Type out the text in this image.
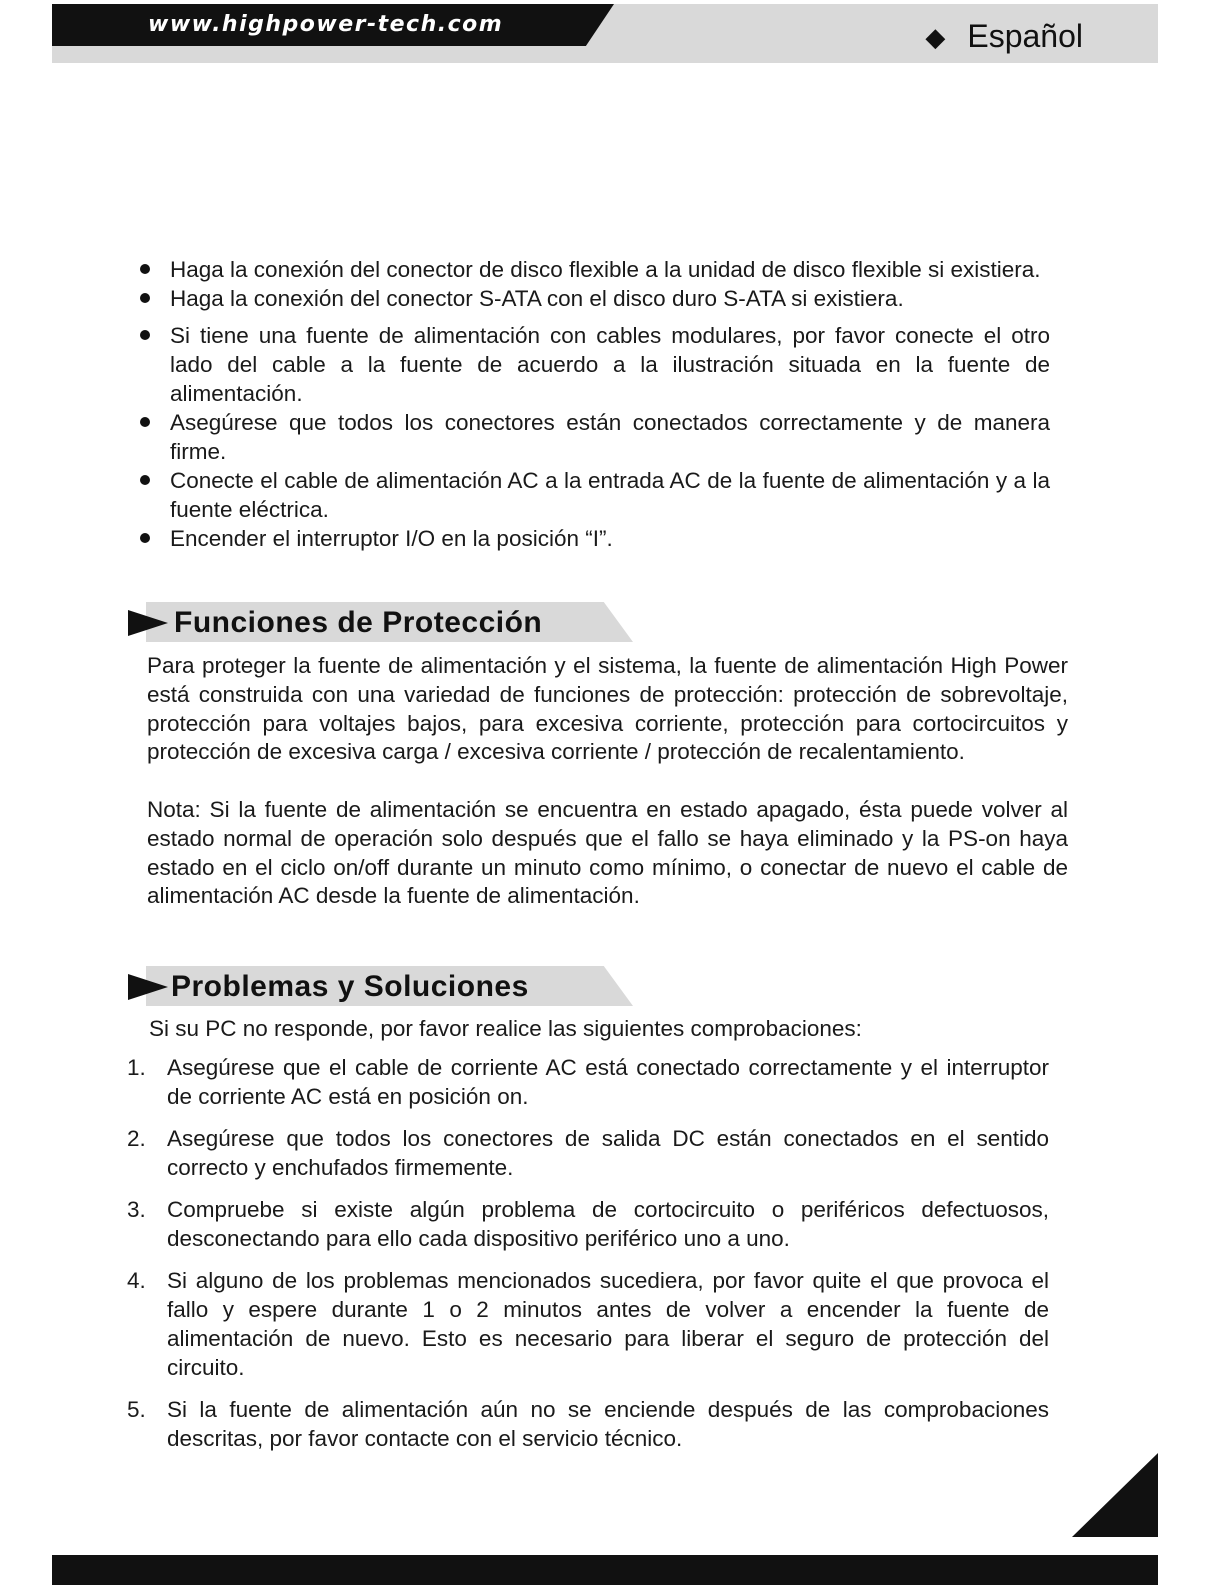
www.highpower-tech.com	◆ Español
Haga la conexión del conector de disco flexible a la unidad de disco flexible si existiera.
Haga la conexión del conector S-ATA con el disco duro S-ATA si existiera.
Si tiene una fuente de alimentación con cables modulares, por favor conecte el otro lado del cable a la fuente de acuerdo a la ilustración situada en la fuente de alimentación.
Asegúrese que todos los conectores están conectados correctamente y de manera firme.
Conecte el cable de alimentación AC a la entrada AC de la fuente de alimentación y a la fuente eléctrica.
Encender el interruptor I/O en la posición “I”.
Funciones de Protección

Para proteger la fuente de alimentación y el sistema, la fuente de alimentación High Power está construida con una variedad de funciones de protección: protección de sobrevoltaje, protección para voltajes bajos, para excesiva corriente, protección para cortocircuitos y protección de excesiva carga / excesiva corriente / protección de recalentamiento.

Nota: Si la fuente de alimentación se encuentra en estado apagado, ésta puede volver al estado normal de operación solo después que el fallo se haya eliminado y la PS-on haya estado en el ciclo on/off durante un minuto como mínimo, o conectar de nuevo el cable de alimentación AC desde la fuente de alimentación.

Problemas y Soluciones
Si su PC no responde, por favor realice las siguientes comprobaciones:
1. Asegúrese que el cable de corriente AC está conectado correctamente y el interruptor de corriente AC está en posición on.
2. Asegúrese que todos los conectores de salida DC están conectados en el sentido correcto y enchufados firmemente.
3. Compruebe si existe algún problema de cortocircuito o periféricos defectuosos, desconectando para ello cada dispositivo periférico uno a uno.
4. Si alguno de los problemas mencionados sucediera, por favor quite el que provoca el fallo y espere durante 1 o 2 minutos antes de volver a encender la fuente de alimentación de nuevo. Esto es necesario para liberar el seguro de protección del circuito.
5. Si la fuente de alimentación aún no se enciende después de las comprobaciones descritas, por favor contacte con el servicio técnico.
